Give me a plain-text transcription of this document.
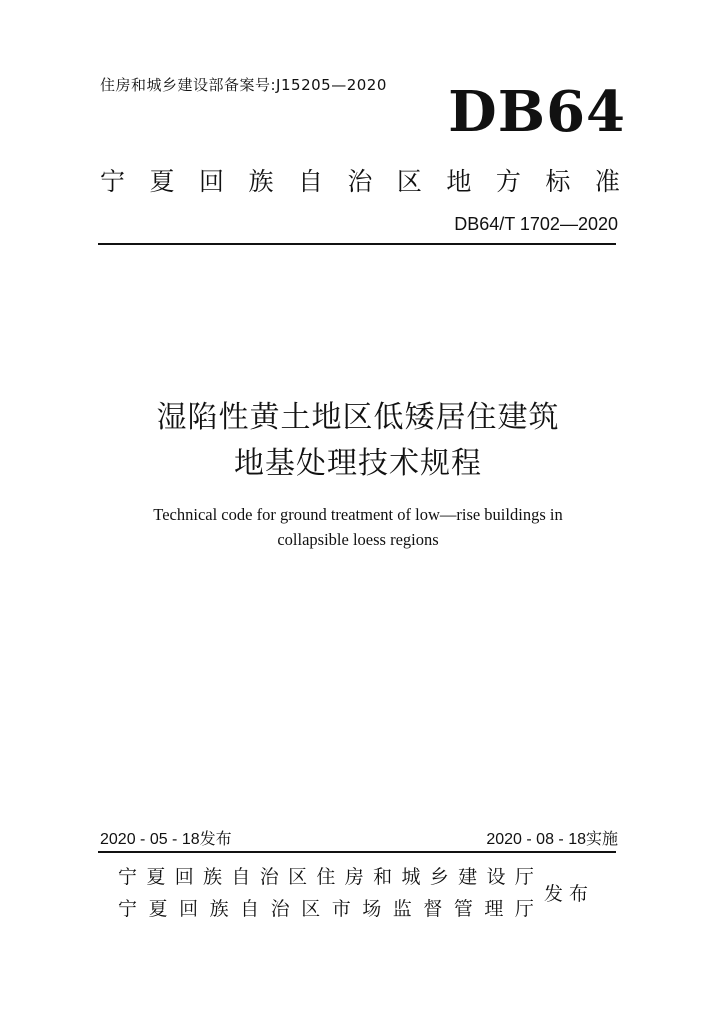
住房和城乡建设部备案号:J15205—2020 DB64
宁 夏 回 族 自 治 区 地 方 标 准
DB64/T 1702—2020
湿陷性黄土地区低矮居住建筑
地基处理技术规程
Technical code for ground treatment of low—rise buildings in
collapsible loess regions
2020 - 05 - 18发布	2020 - 08 - 18实施
宁 夏 回 族 自 治 区 住 房 和 城 乡 建 设 厅
宁 夏 回 族 自 治 区 市 场 监 督 管 理 厅
发布
